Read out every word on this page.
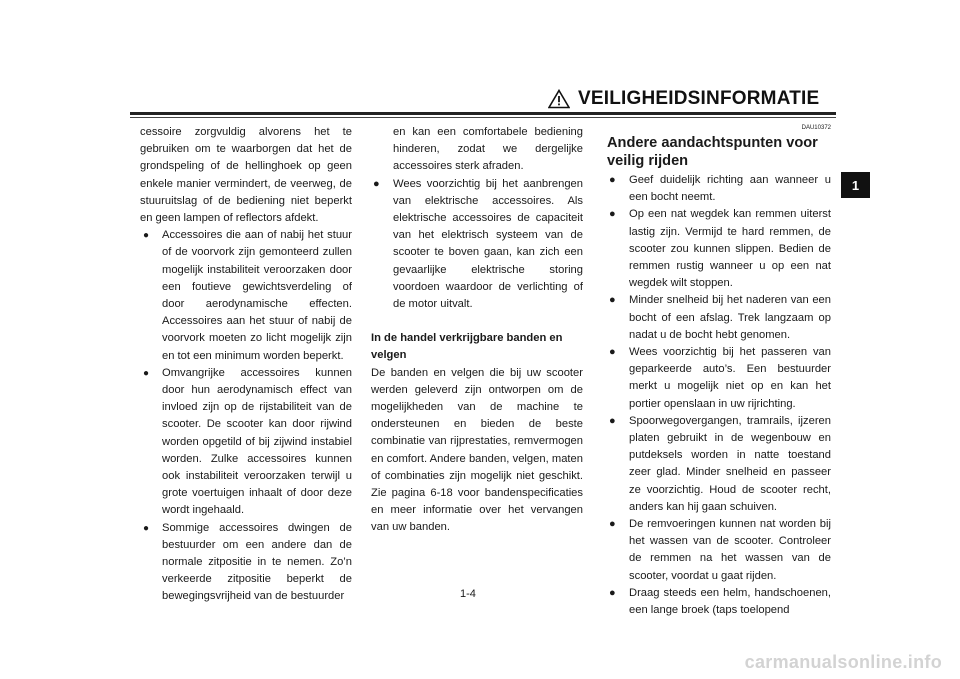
VEILIGHEIDSINFORMATIE
1

cessoire zorgvuldig alvorens het te gebruiken om te waarborgen dat het de grondspeling of de hellinghoek op geen enkele manier vermindert, de veerweg, de stuuruitslag of de bediening niet beperkt en geen lampen of reflectors afdekt.

● Accessoires die aan of nabij het stuur of de voorvork zijn gemonteerd zullen mogelijk instabiliteit veroorzaken door een foutieve gewichtsverdeling of door aerodynamische effecten. Accessoires aan het stuur of nabij de voorvork moeten zo licht mogelijk zijn en tot een minimum worden beperkt.
● Omvangrijke accessoires kunnen door hun aerodynamisch effect van invloed zijn op de rijstabiliteit van de scooter. De scooter kan door rijwind worden opgetild of bij zijwind instabiel worden. Zulke accessoires kunnen ook instabiliteit veroorzaken terwijl u grote voertuigen inhaalt of door deze wordt ingehaald.
● Sommige accessoires dwingen de bestuurder om een andere dan de normale zitpositie in te nemen. Zo’n verkeerde zitpositie beperkt de bewegingsvrijheid van de bestuurder
en kan een comfortabele bediening hinderen, zodat we dergelijke accessoires sterk afraden.
● Wees voorzichtig bij het aanbrengen van elektrische accessoires. Als elektrische accessoires de capaciteit van het elektrisch systeem van de scooter te boven gaan, kan zich een gevaarlijke elektrische storing voordoen waardoor de verlichting of de motor uitvalt.
In de handel verkrijgbare banden en velgen

De banden en velgen die bij uw scooter werden geleverd zijn ontworpen om de mogelijkheden van de machine te ondersteunen en bieden de beste combinatie van rijprestaties, remvermogen en comfort. Andere banden, velgen, maten of combinaties zijn mogelijk niet geschikt. Zie pagina 6-18 voor bandenspecificaties en meer informatie over het vervangen van uw banden.

DAU10372
Andere aandachtspunten voor veilig rijden
● Geef duidelijk richting aan wanneer u een bocht neemt.
● Op een nat wegdek kan remmen uiterst lastig zijn. Vermijd te hard remmen, de scooter zou kunnen slippen. Bedien de remmen rustig wanneer u op een nat wegdek wilt stoppen.
● Minder snelheid bij het naderen van een bocht of een afslag. Trek langzaam op nadat u de bocht hebt genomen.
● Wees voorzichtig bij het passeren van geparkeerde auto’s. Een bestuurder merkt u mogelijk niet op en kan het portier openslaan in uw rijrichting.
● Spoorwegovergangen, tramrails, ijzeren platen gebruikt in de wegenbouw en putdeksels worden in natte toestand zeer glad. Minder snelheid en passeer ze voorzichtig. Houd de scooter recht, anders kan hij gaan schuiven.
● De remvoeringen kunnen nat worden bij het wassen van de scooter. Controleer de remmen na het wassen van de scooter, voordat u gaat rijden.
● Draag steeds een helm, handschoenen, een lange broek (taps toelopend
1-4
carmanualsonline.info
